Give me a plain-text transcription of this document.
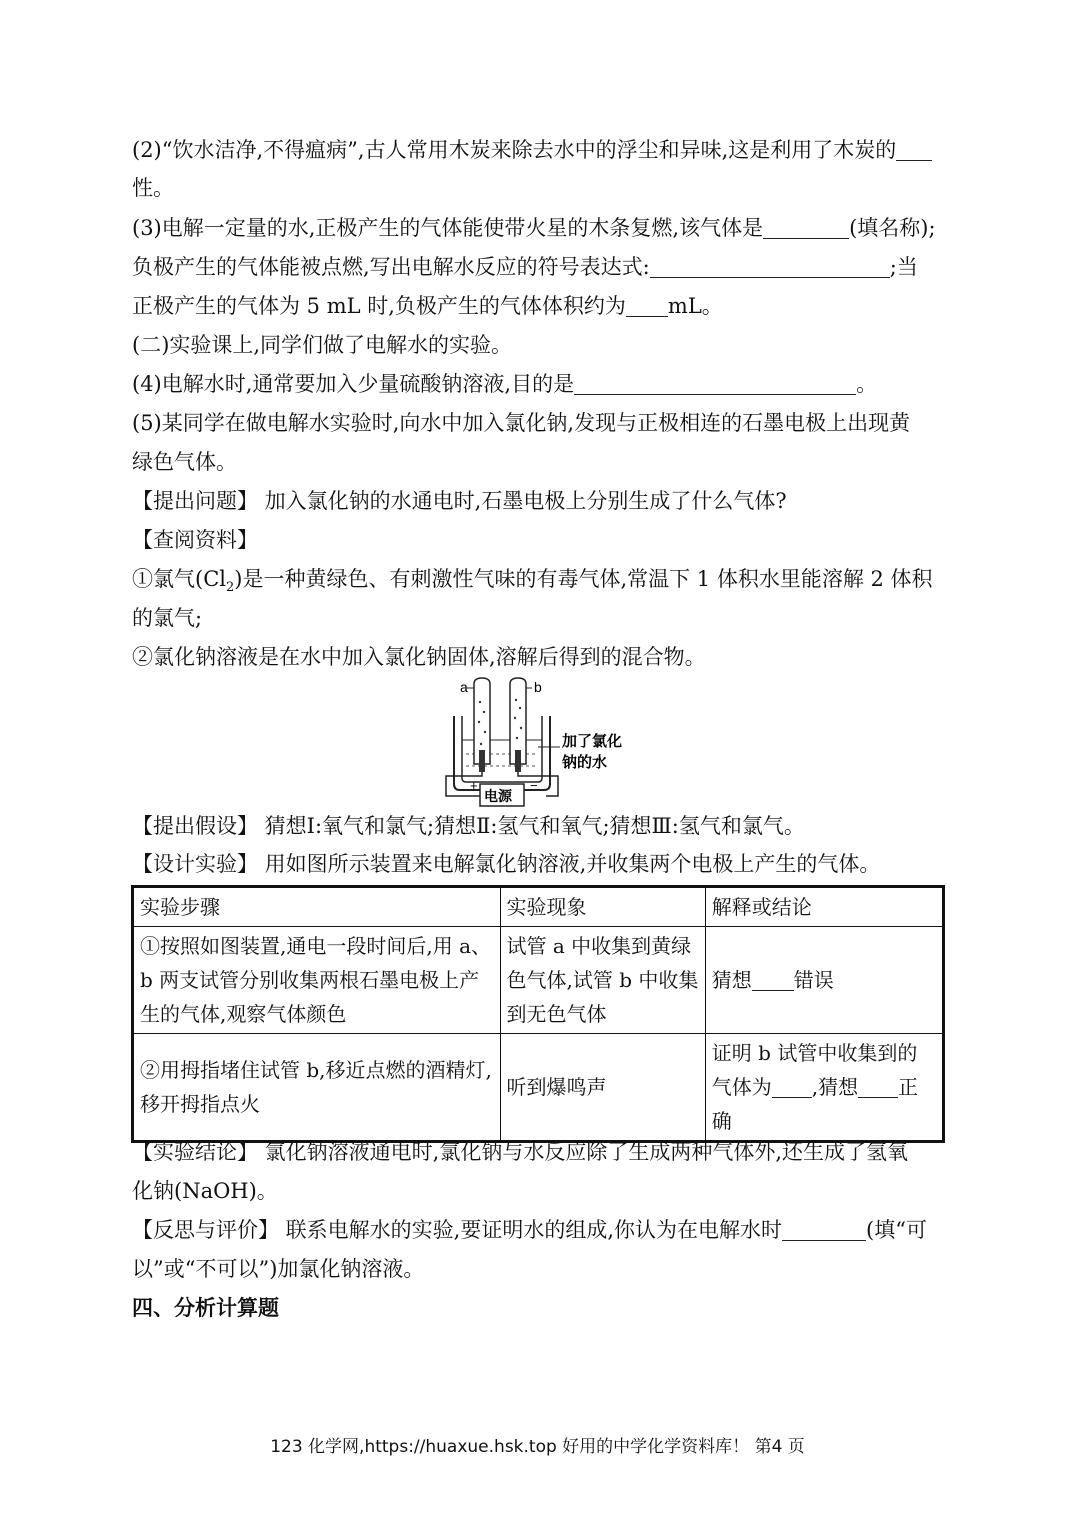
(2)“饮水洁净,不得瘟病”,古人常用木炭来除去水中的浮尘和异味,这是利用了木炭的
性。
(3)电解一定量的水,正极产生的气体能使带火星的木条复燃,该气体是	(填名称);
负极产生的气体能被点燃,写出电解水反应的符号表达式:	;当
正极产生的气体为 5 mL 时,负极产生的气体体积约为 mL。
(二)实验课上,同学们做了电解水的实验。
(4)电解水时,通常要加入少量硫酸钠溶液,目的是	。
(5)某同学在做电解水实验时,向水中加入氯化钠,发现与正极相连的石墨电极上出现黄
绿色气体。
【提出问题】 加入氯化钠的水通电时,石墨电极上分别生成了什么气体?
【查阅资料】
①氯气$(Cl_2)$是一种黄绿色、有刺激性气味的有毒气体,常温下 1 体积水里能溶解 2 体积
的氯气;
②氯化钠溶液是在水中加入氯化钠固体,溶解后得到的混合物。
a	b
加了氯化
钠的水
+	−
电源
【提出假设】 猜想Ⅰ:氧气和氯气;猜想Ⅱ:氢气和氧气;猜想Ⅲ:氢气和氯气。
【设计实验】 用如图所示装置来电解氯化钠溶液,并收集两个电极上产生的气体。
实验步骤	实验现象	解释或结论
①按照如图装置,通电一段时间后,用 a、b 两支试管分别收集两根石墨电极上产生的气体,观察气体颜色	试管 a 中收集到黄绿色气体,试管 b 中收集到无色气体	猜想 错误
②用拇指堵住试管 b,移近点燃的酒精灯,移开拇指点火	听到爆鸣声	证明 b 试管中收集到的气体为 ,猜想 正确
【实验结论】 氯化钠溶液通电时,氯化钠与水反应除了生成两种气体外,还生成了氢氧
化钠(NaOH)。
【反思与评价】 联系电解水的实验,要证明水的组成,你认为在电解水时	(填“可
以”或“不可以”)加氯化钠溶液。
四、分析计算题
123 化学网,https://huaxue.hsk.top 好用的中学化学资料库！ 第4 页
